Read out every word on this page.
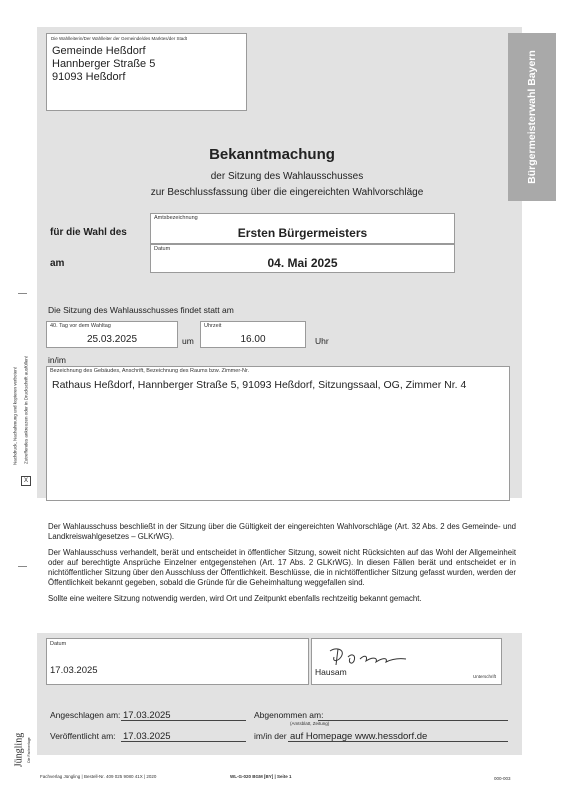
Bürgermeisterwahl Bayern
Die Wahlleiterin/Der Wahlleiter der Gemeinde/des Marktes/der Stadt
Gemeinde Heßdorf
Hannberger Straße 5
91093 Heßdorf
Bekanntmachung
der Sitzung des Wahlausschusses
zur Beschlussfassung über die eingereichten Wahlvorschläge
für die Wahl des
Amtsbezeichnung
Ersten Bürgermeisters
am
Datum
04. Mai 2025
Die Sitzung des Wahlausschusses findet statt am
40. Tag vor dem Wahltag
25.03.2025	um
Uhrzeit
16.00	Uhr
in/im
Bezeichnung des Gebäudes, Anschrift, Bezeichnung des Raums bzw. Zimmer-Nr.
Rathaus Heßdorf, Hannberger Straße 5, 91093 Heßdorf, Sitzungssaal, OG, Zimmer Nr. 4
Nachdruck, Nachahmung und kopieren verboten! Zutreffendes ankreuzen oder in Druckschrift ausfüllen!
X
Der Wahlausschuss beschließt in der Sitzung über die Gültigkeit der eingereichten Wahlvorschläge (Art. 32 Abs. 2 des Gemeinde- und Landkreiswahlgesetzes – GLKrWG).
Der Wahlausschuss verhandelt, berät und entscheidet in öffentlicher Sitzung, soweit nicht Rücksichten auf das Wohl der Allgemeinheit oder auf berechtigte Ansprüche Einzelner entgegenstehen (Art. 17 Abs. 2 GLKrWG). In diesen Fällen berät und entscheidet er in nichtöffentlicher Sitzung über den Ausschluss der Öffentlichkeit. Beschlüsse, die in nichtöffentlicher Sitzung gefasst wurden, werden der Öffentlichkeit bekannt gegeben, sobald die Gründe für die Geheimhaltung weggefallen sind.
Sollte eine weitere Sitzung notwendig werden, wird Ort und Zeitpunkt ebenfalls rechtzeitig bekannt gemacht.
Datum
17.03.2025	Hausam	Unterschrift
Angeschlagen am: 17.03.2025	Abgenommen am:
Veröffentlicht am: 17.03.2025	im/in der
(Amtsblatt, Zeitung)
auf Homepage www.hessdorf.de
Jüngling Die Fachverlage
Fachverlag Jüngling | Bestell-Nr. 409 025 9080 41X | 2020	WL-G-020 BGM [BY] | Seite 1	000-003
